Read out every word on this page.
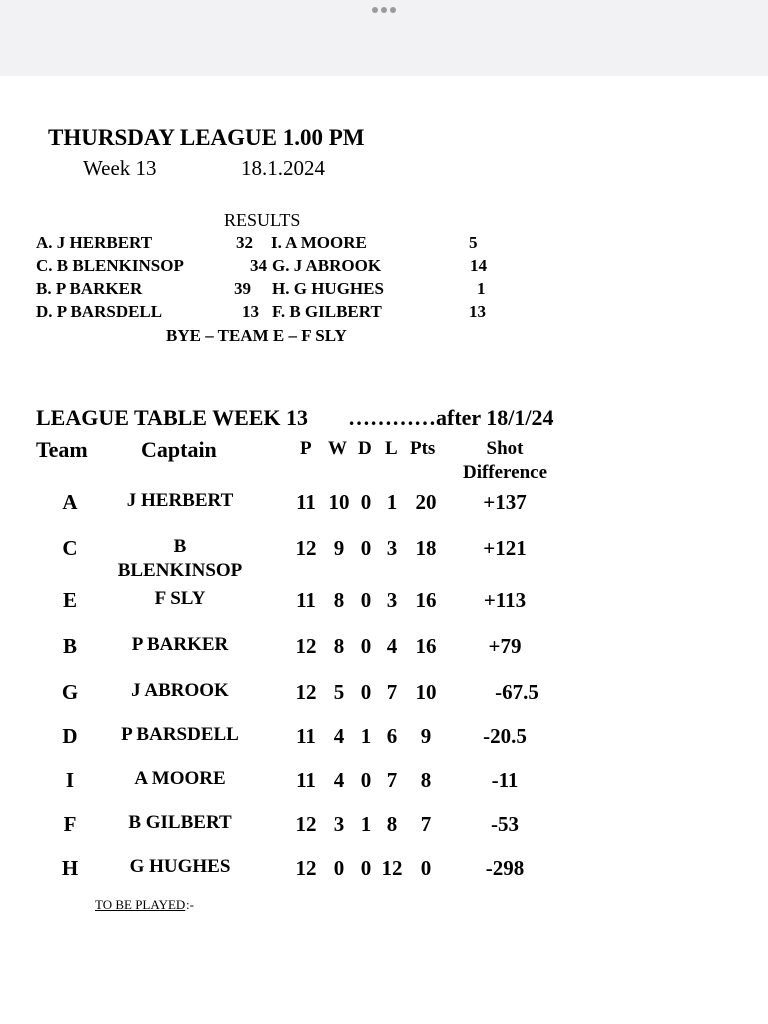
THURSDAY LEAGUE 1.00 PM
Week 13	18.1.2024
RESULTS
A. J HERBERT	32 I. A MOORE	5
C. B BLENKINSOP	34 G. J ABROOK	14
B. P BARKER	39 H. G HUGHES	1
D. P BARSDELL	13 F. B GILBERT	13
BYE – TEAM E – F SLY
LEAGUE TABLE WEEK 13 …………after 18/1/24
Team Captain	P W D L Pts	Shot
Difference
A	J HERBERT	11 10 0 1 20	+137
C	B
BLENKINSOP
12 9 0 3 18	+121
E	F SLY	11 8 0 3 16	+113
B	P BARKER	12 8 0 4 16	+79
G	J ABROOK	12 5 0 7 10	-67.5
D	P BARSDELL	11 4 1 6	9	-20.5
I	A MOORE	11 4 0 7	8	-11
F	B GILBERT	12 3 1 8	7	-53
H	G HUGHES	12 0 0 12 0	-298
TO BE PLAYED :-
